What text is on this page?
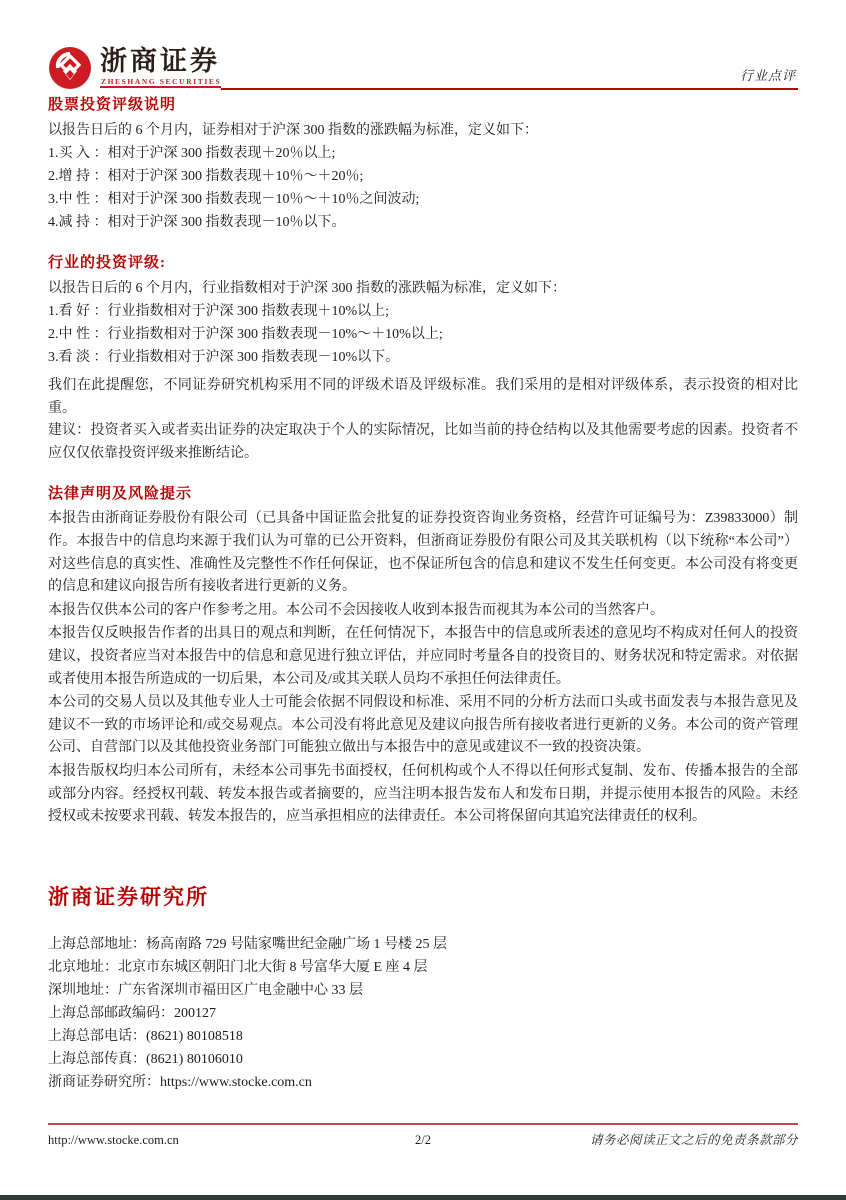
浙商证券
ZHESHANG SECURITIES	行业点评
股票投资评级说明

以报告日后的 6 个月内，证券相对于沪深 300 指数的涨跌幅为标准，定义如下：

1.买 入 ：相对于沪深 300 指数表现＋20％以上;

2.增 持 ：相对于沪深 300 指数表现＋10％～＋20％;

3.中 性 ：相对于沪深 300 指数表现－10％～＋10％之间波动;

4.减 持 ：相对于沪深 300 指数表现－10％以下。

行业的投资评级:

以报告日后的 6 个月内，行业指数相对于沪深 300 指数的涨跌幅为标准，定义如下：

1.看 好 ：行业指数相对于沪深 300 指数表现＋10%以上;

2.中 性 ：行业指数相对于沪深 300 指数表现－10%～＋10%以上;

3.看 淡 ：行业指数相对于沪深 300 指数表现－10%以下。

我们在此提醒您，不同证券研究机构采用不同的评级术语及评级标准。我们采用的是相对评级体系，表示投资的相对比重。

建议：投资者买入或者卖出证券的决定取决于个人的实际情况，比如当前的持仓结构以及其他需要考虑的因素。投资者不应仅仅依靠投资评级来推断结论。

法律声明及风险提示

本报告由浙商证券股份有限公司（已具备中国证监会批复的证券投资咨询业务资格，经营许可证编号为：Z39833000）制作。本报告中的信息均来源于我们认为可靠的已公开资料，但浙商证券股份有限公司及其关联机构（以下统称“本公司”）对这些信息的真实性、准确性及完整性不作任何保证，也不保证所包含的信息和建议不发生任何变更。本公司没有将变更的信息和建议向报告所有接收者进行更新的义务。

本报告仅供本公司的客户作参考之用。本公司不会因接收人收到本报告而视其为本公司的当然客户。

本报告仅反映报告作者的出具日的观点和判断，在任何情况下，本报告中的信息或所表述的意见均不构成对任何人的投资建议，投资者应当对本报告中的信息和意见进行独立评估，并应同时考量各自的投资目的、财务状况和特定需求。对依据或者使用本报告所造成的一切后果，本公司及/或其关联人员均不承担任何法律责任。

本公司的交易人员以及其他专业人士可能会依据不同假设和标准、采用不同的分析方法而口头或书面发表与本报告意见及建议不一致的市场评论和/或交易观点。本公司没有将此意见及建议向报告所有接收者进行更新的义务。本公司的资产管理公司、自营部门以及其他投资业务部门可能独立做出与本报告中的意见或建议不一致的投资决策。

本报告版权均归本公司所有，未经本公司事先书面授权，任何机构或个人不得以任何形式复制、发布、传播本报告的全部或部分内容。经授权刊载、转发本报告或者摘要的，应当注明本报告发布人和发布日期，并提示使用本报告的风险。未经授权或未按要求刊载、转发本报告的，应当承担相应的法律责任。本公司将保留向其追究法律责任的权利。

浙商证券研究所

上海总部地址：杨高南路 729 号陆家嘴世纪金融广场 1 号楼 25 层

北京地址：北京市东城区朝阳门北大街 8 号富华大厦 E 座 4 层

深圳地址：广东省深圳市福田区广电金融中心 33 层

上海总部邮政编码：200127

上海总部电话：(8621) 80108518

上海总部传真：(8621) 80106010

浙商证券研究所：https://www.stocke.com.cn

http://www.stocke.com.cn	2/2	请务必阅读正文之后的免责条款部分
